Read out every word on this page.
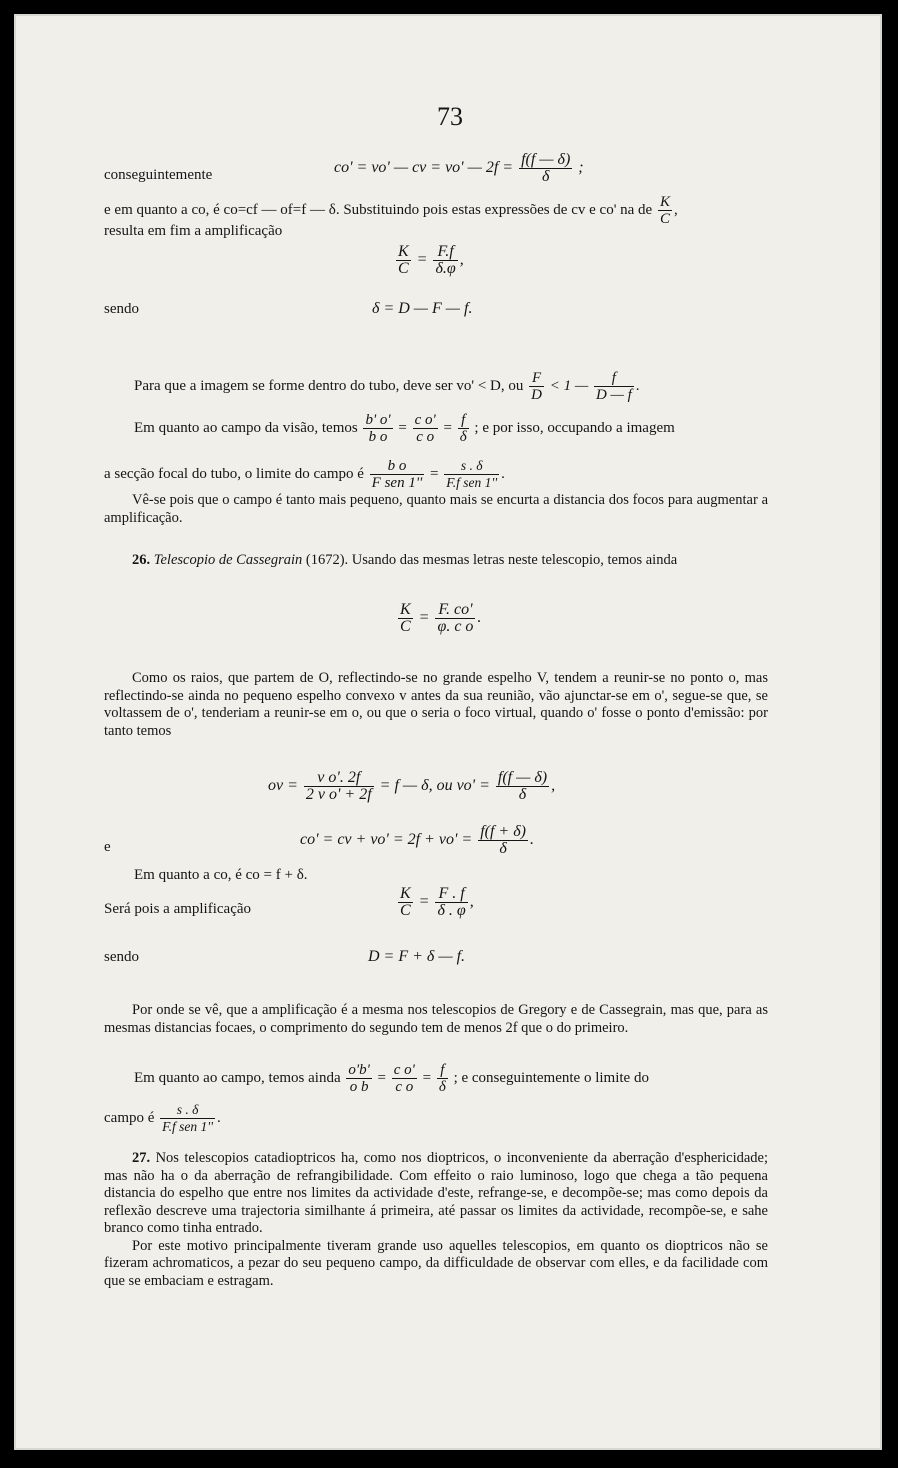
73
conseguintemente	co' = vo' — cv = vo' — $2f = \frac{f(f — \delta)}{\delta}$ ;
e em quanto a co, é co=cf — of=f — δ. Substituindo pois estas expressões de cv e co' na de $\frac{K}{C}$ ,
resulta em fim a amplificação
$\frac{K}{C} = \frac{F.f}{\delta.\varphi}$ ,
sendo	δ = D — F — f.
Para que a imagem se forme dentro do tubo, deve ser vo' < D, ou $\frac{F}{D} < 1$ — $\frac{f}{D — f}$ .
Em quanto ao campo da visão, temos $\frac{b' o'}{\text{b o}} = \frac{\text{c o'}}{\text{c o}} = \frac{f}{\delta}$ ; e por isso, occupando a imagem
a secção focal do tubo, o limite do campo é $\frac{\text{b o}}{\text{F sen 1''}} = \frac{s . \delta}{\text{F.f sen 1''}}$ .
Vê-se pois que o campo é tanto mais pequeno, quanto mais se encurta a distancia dos focos para augmentar a amplificação.
26. Telescopio de Cassegrain (1672). Usando das mesmas letras neste telescopio, temos ainda
$\frac{K}{C} = \frac{F. co'}{\text{φ. c o}}$ .
Como os raios, que partem de O, reflectindo-se no grande espelho V, tendem a reunir-se no ponto o, mas reflectindo-se ainda no pequeno espelho convexo v antes da sua reunião, vão ajunctar-se em o', segue-se que, se voltassem de o', tenderiam a reunir-se em o, ou que o seria o foco virtual, quando o' fosse o ponto d'emissão: por tanto temos
ov = $\frac{\text{v o'. 2f}}{\text{2 v o' + 2f}} = f$ — δ, ou $vo' = \frac{f(f — \delta)}{\delta}$ ,
e	co' = cv + $vo' = 2f + vo' = \frac{f(f + \delta)}{\delta}$ .
Em quanto a co, é co = f + δ.
Será pois a amplificação	$\frac{K}{C} = \frac{F . f}{\delta . \varphi}$ ,
sendo	D = F + δ — f.
Por onde se vê, que a amplificação é a mesma nos telescopios de Gregory e de Cassegrain, mas que, para as mesmas distancias focaes, o comprimento do segundo tem de menos 2f que o do primeiro.
Em quanto ao campo, temos ainda $\frac{o'b'}{\text{o b}} = \frac{\text{c o'}}{\text{c o}} = \frac{f}{\delta}$ ; e conseguintemente o limite do
campo é $\frac{s . \delta}{\text{F.f sen 1''}}$ .
27. Nos telescopios catadioptricos ha, como nos dioptricos, o inconveniente da aberração d'esphericidade; mas não ha o da aberração de refrangibilidade. Com effeito o raio luminoso, logo que chega a tão pequena distancia do espelho que entre nos limites da actividade d'este, refrange-se, e decompõe-se; mas como depois da reflexão descreve uma trajectoria similhante á primeira, até passar os limites da actividade, recompõe-se, e sahe branco como tinha entrado.
Por este motivo principalmente tiveram grande uso aquelles telescopios, em quanto os dioptricos não se fizeram achromaticos, a pezar do seu pequeno campo, da difficuldade de observar com elles, e da facilidade com que se embaciam e estragam.
